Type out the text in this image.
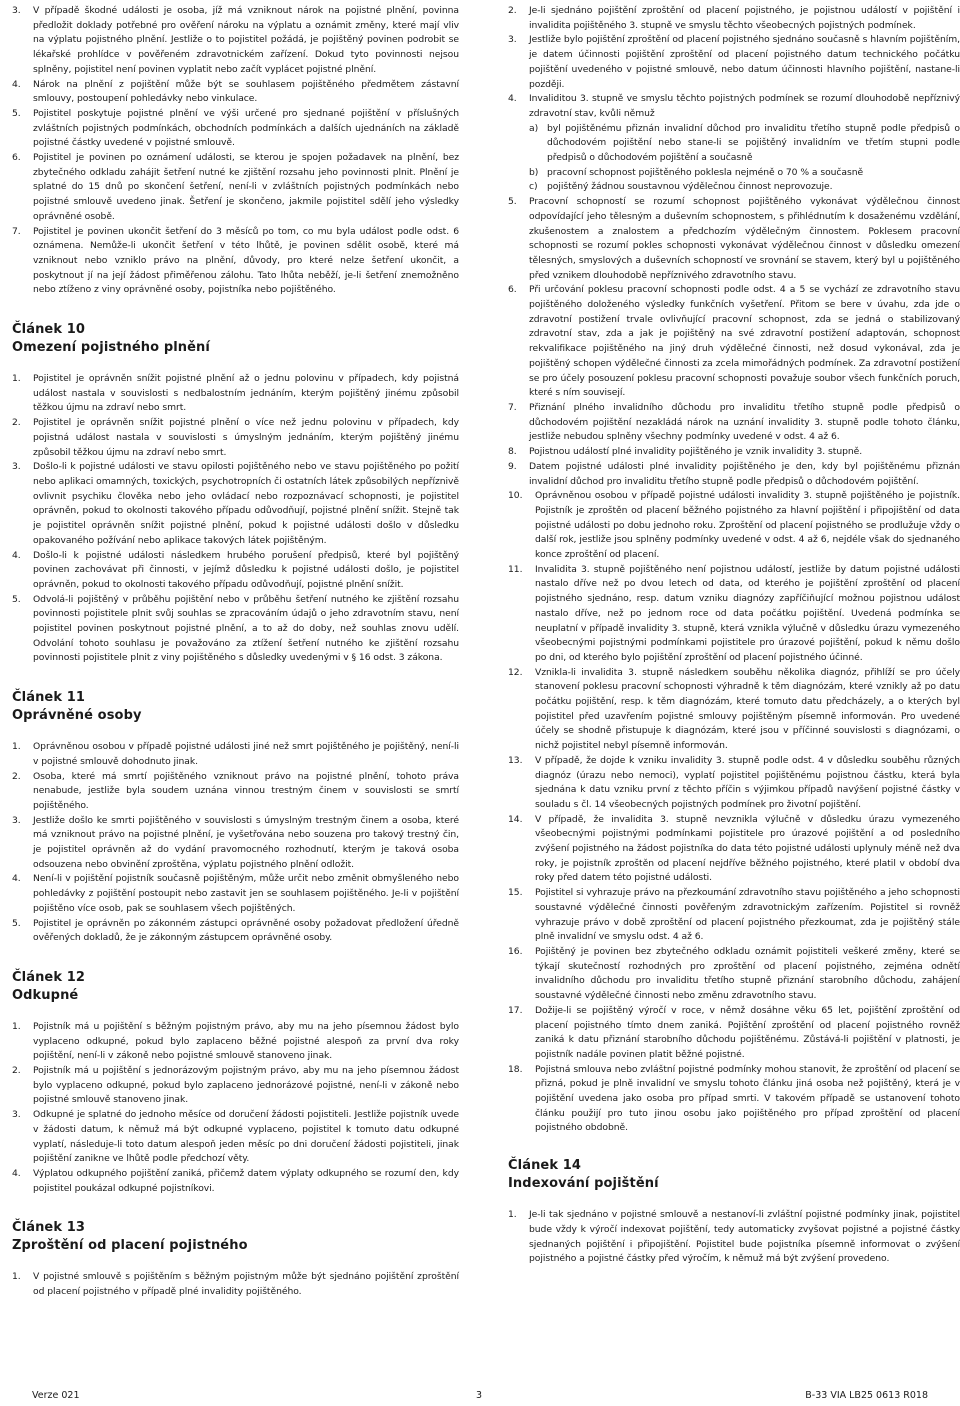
3. V případě škodné události je osoba, jíž má vzniknout nárok na pojistné plnění, povinna předložit doklady potřebné pro ověření nároku na výplatu a oznámit změny, které mají vliv na výplatu pojistného plnění. Jestliže o to pojistitel požádá, je pojištěný povinen podrobit se lékařské prohlídce v pověřeném zdravotnickém zařízení. Dokud tyto povinnosti nejsou splněny, pojistitel není povinen vyplatit nebo začít vyplácet pojistné plnění.
4. Nárok na plnění z pojištění může být se souhlasem pojištěného předmětem zástavní smlouvy, postoupení pohledávky nebo vinkulace.
5. Pojistitel poskytuje pojistné plnění ve výši určené pro sjednané pojištění v příslušných zvláštních pojistných podmínkách, obchodních podmínkách a dalších ujednáních na základě pojistné částky uvedené v pojistné smlouvě.
6. Pojistitel je povinen po oznámení události, se kterou je spojen požadavek na plnění, bez zbytečného odkladu zahájit šetření nutné ke zjištění rozsahu jeho povinnosti plnit. Plnění je splatné do 15 dnů po skončení šetření, není-li v zvláštních pojistných podmínkách nebo pojistné smlouvě uvedeno jinak. Šetření je skončeno, jakmile pojistitel sdělí jeho výsledky oprávněné osobě.
7. Pojistitel je povinen ukončit šetření do 3 měsíců po tom, co mu byla událost podle odst. 6 oznámena. Nemůže-li ukončit šetření v této lhůtě, je povinen sdělit osobě, které má vzniknout nebo vzniklo právo na plnění, důvody, pro které nelze šetření ukončit, a poskytnout jí na její žádost přiměřenou zálohu. Tato lhůta neběží, je-li šetření znemožněno nebo ztíženo z viny oprávněné osoby, pojistníka nebo pojištěného.

Článek 10

Omezení pojistného plnění

1. Pojistitel je oprávněn snížit pojistné plnění až o jednu polovinu v případech, kdy pojistná událost nastala v souvislosti s nedbalostním jednáním, kterým pojištěný jinému způsobil těžkou újmu na zdraví nebo smrt.
2. Pojistitel je oprávněn snížit pojistné plnění o více než jednu polovinu v případech, kdy pojistná událost nastala v souvislosti s úmyslným jednáním, kterým pojištěný jinému způsobil těžkou újmu na zdraví nebo smrt.
3. Došlo-li k pojistné události ve stavu opilosti pojištěného nebo ve stavu pojištěného po požití nebo aplikaci omamných, toxických, psychotropních či ostatních látek způsobilých nepříznivě ovlivnit psychiku člověka nebo jeho ovládací nebo rozpoznávací schopnosti, je pojistitel oprávněn, pokud to okolnosti takového případu odůvodňují, pojistné plnění snížit. Stejně tak je pojistitel oprávněn snížit pojistné plnění, pokud k pojistné události došlo v důsledku opakovaného požívání nebo aplikace takových látek pojištěným.
4. Došlo-li k pojistné události následkem hrubého porušení předpisů, které byl pojištěný povinen zachovávat při činnosti, v jejímž důsledku k pojistné události došlo, je pojistitel oprávněn, pokud to okolnosti takového případu odůvodňují, pojistné plnění snížit.
5. Odvolá-li pojištěný v průběhu pojištění nebo v průběhu šetření nutného ke zjištění rozsahu povinnosti pojistitele plnit svůj souhlas se zpracováním údajů o jeho zdravotním stavu, není pojistitel povinen poskytnout pojistné plnění, a to až do doby, než souhlas znovu udělí. Odvolání tohoto souhlasu je považováno za ztížení šetření nutného ke zjištění rozsahu povinnosti pojistitele plnit z viny pojištěného s důsledky uvedenými v § 16 odst. 3 zákona.

Článek 11

Oprávněné osoby

1. Oprávněnou osobou v případě pojistné události jiné než smrt pojištěného je pojištěný, není-li v pojistné smlouvě dohodnuto jinak.
2. Osoba, které má smrtí pojištěného vzniknout právo na pojistné plnění, tohoto práva nenabude, jestliže byla soudem uznána vinnou trestným činem v souvislosti se smrtí pojištěného.
3. Jestliže došlo ke smrti pojištěného v souvislosti s úmyslným trestným činem a osoba, které má vzniknout právo na pojistné plnění, je vyšetřována nebo souzena pro takový trestný čin, je pojistitel oprávněn až do vydání pravomocného rozhodnutí, kterým je taková osoba odsouzena nebo obvinění zproštěna, výplatu pojistného plnění odložit.
4. Není-li v pojištění pojistník současně pojištěným, může určit nebo změnit obmyšleného nebo pohledávky z pojištění postoupit nebo zastavit jen se souhlasem pojištěného. Je-li v pojištění pojištěno více osob, pak se souhlasem všech pojištěných.
5. Pojistitel je oprávněn po zákonném zástupci oprávněné osoby požadovat předložení úředně ověřených dokladů, že je zákonným zástupcem oprávněné osoby.

Článek 12

Odkupné

1. Pojistník má u pojištění s běžným pojistným právo, aby mu na jeho písemnou žádost bylo vyplaceno odkupné, pokud bylo zaplaceno běžné pojistné alespoň za první dva roky pojištění, není-li v zákoně nebo pojistné smlouvě stanoveno jinak.
2. Pojistník má u pojištění s jednorázovým pojistným právo, aby mu na jeho písemnou žádost bylo vyplaceno odkupné, pokud bylo zaplaceno jednorázové pojistné, není-li v zákoně nebo pojistné smlouvě stanoveno jinak.
3. Odkupné je splatné do jednoho měsíce od doručení žádosti pojistiteli. Jestliže pojistník uvede v žádosti datum, k němuž má být odkupné vyplaceno, pojistitel k tomuto datu odkupné vyplatí, následuje-li toto datum alespoň jeden měsíc po dni doručení žádosti pojistiteli, jinak pojištění zanikne ve lhůtě podle předchozí věty.
4. Výplatou odkupného pojištění zaniká, přičemž datem výplaty odkupného se rozumí den, kdy pojistitel poukázal odkupné pojistníkovi.

Článek 13

Zproštění od placení pojistného

1. V pojistné smlouvě s pojištěním s běžným pojistným může být sjednáno pojištění zproštění od placení pojistného v případě plné invalidity pojištěného.
2. Je-li sjednáno pojištění zproštění od placení pojistného, je pojistnou událostí v pojištění i invalidita pojištěného 3. stupně ve smyslu těchto všeobecných pojistných podmínek.
3. Jestliže bylo pojištění zproštění od placení pojistného sjednáno současně s hlavním pojištěním, je datem účinnosti pojištění zproštění od placení pojistného datum technického počátku pojištění uvedeného v pojistné smlouvě, nebo datum účinnosti hlavního pojištění, nastane-li později.
4. Invaliditou 3. stupně ve smyslu těchto pojistných podmínek se rozumí dlouhodobě nepříznivý zdravotní stav, kvůli němuž
a) byl pojištěnému přiznán invalidní důchod pro invaliditu třetího stupně podle předpisů o důchodovém pojištění nebo stane-li se pojištěný invalidním ve třetím stupni podle předpisů o důchodovém pojištění a současně
b) pracovní schopnost pojištěného poklesla nejméně o 70 % a současně
c) pojištěný žádnou soustavnou výdělečnou činnost neprovozuje.
5. Pracovní schopností se rozumí schopnost pojištěného vykonávat výdělečnou činnost odpovídající jeho tělesným a duševním schopnostem, s přihlédnutím k dosaženému vzdělání, zkušenostem a znalostem a předchozím výdělečným činnostem. Poklesem pracovní schopnosti se rozumí pokles schopnosti vykonávat výdělečnou činnost v důsledku omezení tělesných, smyslových a duševních schopností ve srovnání se stavem, který byl u pojištěného před vznikem dlouhodobě nepříznivého zdravotního stavu.
6. Při určování poklesu pracovní schopnosti podle odst. 4 a 5 se vychází ze zdravotního stavu pojištěného doloženého výsledky funkčních vyšetření. Přitom se bere v úvahu, zda jde o zdravotní postižení trvale ovlivňující pracovní schopnost, zda se jedná o stabilizovaný zdravotní stav, zda a jak je pojištěný na své zdravotní postižení adaptován, schopnost rekvalifikace pojištěného na jiný druh výdělečné činnosti, než dosud vykonával, zda je pojištěný schopen výdělečné činnosti za zcela mimořádných podmínek. Za zdravotní postižení se pro účely posouzení poklesu pracovní schopnosti považuje soubor všech funkčních poruch, které s ním souvisejí.
7. Přiznání plného invalidního důchodu pro invaliditu třetího stupně podle předpisů o důchodovém pojištění nezakládá nárok na uznání invalidity 3. stupně podle tohoto článku, jestliže nebudou splněny všechny podmínky uvedené v odst. 4 až 6.
8. Pojistnou událostí plné invalidity pojištěného je vznik invalidity 3. stupně.
9. Datem pojistné události plné invalidity pojištěného je den, kdy byl pojištěnému přiznán invalidní důchod pro invaliditu třetího stupně podle předpisů o důchodovém pojištění.
10. Oprávněnou osobou v případě pojistné události invalidity 3. stupně pojištěného je pojistník. Pojistník je zproštěn od placení běžného pojistného za hlavní pojištění i připojištění od data pojistné události po dobu jednoho roku. Zproštění od placení pojistného se prodlužuje vždy o další rok, jestliže jsou splněny podmínky uvedené v odst. 4 až 6, nejdéle však do sjednaného konce zproštění od placení.
11. Invalidita 3. stupně pojištěného není pojistnou událostí, jestliže by datum pojistné události nastalo dříve než po dvou letech od data, od kterého je pojištění zproštění od placení pojistného sjednáno, resp. datum vzniku diagnózy zapříčiňující možnou pojistnou událost nastalo dříve, než po jednom roce od data počátku pojištění. Uvedená podmínka se neuplatní v případě invalidity 3. stupně, která vznikla výlučně v důsledku úrazu vymezeného všeobecnými pojistnými podmínkami pojistitele pro úrazové pojištění, pokud k němu došlo po dni, od kterého bylo pojištění zproštění od placení pojistného účinné.
12. Vznikla-li invalidita 3. stupně následkem souběhu několika diagnóz, přihlíží se pro účely stanovení poklesu pracovní schopnosti výhradně k těm diagnózám, které vznikly až po datu počátku pojištění, resp. k těm diagnózám, které tomuto datu předcházely, a o kterých byl pojistitel před uzavřením pojistné smlouvy pojištěným písemně informován. Pro uvedené účely se shodně přistupuje k diagnózám, které jsou v příčinné souvislosti s diagnózami, o nichž pojistitel nebyl písemně informován.
13. V případě, že dojde k vzniku invalidity 3. stupně podle odst. 4 v důsledku souběhu různých diagnóz (úrazu nebo nemoci), vyplatí pojistitel pojištěnému pojistnou částku, která byla sjednána k datu vzniku první z těchto příčin s výjimkou případů navýšení pojistné částky v souladu s čl. 14 všeobecných pojistných podmínek pro životní pojištění.
14. V případě, že invalidita 3. stupně nevznikla výlučně v důsledku úrazu vymezeného všeobecnými pojistnými podmínkami pojistitele pro úrazové pojištění a od posledního zvýšení pojistného na žádost pojistníka do data této pojistné události uplynuly méně než dva roky, je pojistník zproštěn od placení nejdříve běžného pojistného, které platil v období dva roky před datem této pojistné události.
15. Pojistitel si vyhrazuje právo na přezkoumání zdravotního stavu pojištěného a jeho schopnosti soustavné výdělečné činnosti pověřeným zdravotnickým zařízením. Pojistitel si rovněž vyhrazuje právo v době zproštění od placení pojistného přezkoumat, zda je pojištěný stále plně invalidní ve smyslu odst. 4 až 6.
16. Pojištěný je povinen bez zbytečného odkladu oznámit pojistiteli veškeré změny, které se týkají skutečností rozhodných pro zproštění od placení pojistného, zejména odnětí invalidního důchodu pro invaliditu třetího stupně přiznání starobního důchodu, zahájení soustavné výdělečné činnosti nebo změnu zdravotního stavu.
17. Dožije-li se pojištěný výročí v roce, v němž dosáhne věku 65 let, pojištění zproštění od placení pojistného tímto dnem zaniká. Pojištění zproštění od placení pojistného rovněž zaniká k datu přiznání starobního důchodu pojištěnému. Zůstává-li pojištění v platnosti, je pojistník nadále povinen platit běžné pojistné.
18. Pojistná smlouva nebo zvláštní pojistné podmínky mohou stanovit, že zproštění od placení se přizná, pokud je plně invalidní ve smyslu tohoto článku jiná osoba než pojištěný, která je v pojištění uvedena jako osoba pro případ smrti. V takovém případě se ustanovení tohoto článku použijí pro tuto jinou osobu jako pojištěného pro případ zproštění od placení pojistného obdobně.

Článek 14

Indexování pojištění

1. Je-li tak sjednáno v pojistné smlouvě a nestanoví-li zvláštní pojistné podmínky jinak, pojistitel bude vždy k výročí indexovat pojištění, tedy automaticky zvyšovat pojistné a pojistné částky sjednaných pojištění i připojištění. Pojistitel bude pojistníka písemně informovat o zvýšení pojistného a pojistné částky před výročím, k němuž má být zvýšení provedeno.
Verze 021	3	B-33 VIA LB25 0613 R018
